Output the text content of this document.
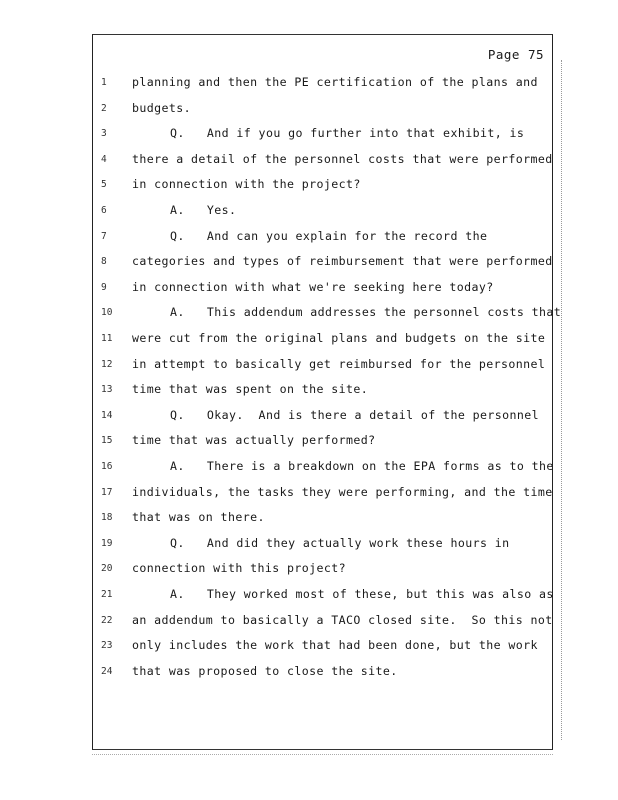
Page 75
1	planning and then the PE certification of the plans and
2	budgets.
3	Q.   And if you go further into that exhibit, is
4	there a detail of the personnel costs that were performed
5	in connection with the project?
6	A.   Yes.
7	Q.   And can you explain for the record the
8	categories and types of reimbursement that were performed
9	in connection with what we're seeking here today?
10	A.   This addendum addresses the personnel costs that
11	were cut from the original plans and budgets on the site
12	in attempt to basically get reimbursed for the personnel
13	time that was spent on the site.
14	Q.   Okay.  And is there a detail of the personnel
15	time that was actually performed?
16	A.   There is a breakdown on the EPA forms as to the
17	individuals, the tasks they were performing, and the time
18	that was on there.
19	Q.   And did they actually work these hours in
20	connection with this project?
21	A.   They worked most of these, but this was also as
22	an addendum to basically a TACO closed site.  So this not
23	only includes the work that had been done, but the work
24	that was proposed to close the site.
